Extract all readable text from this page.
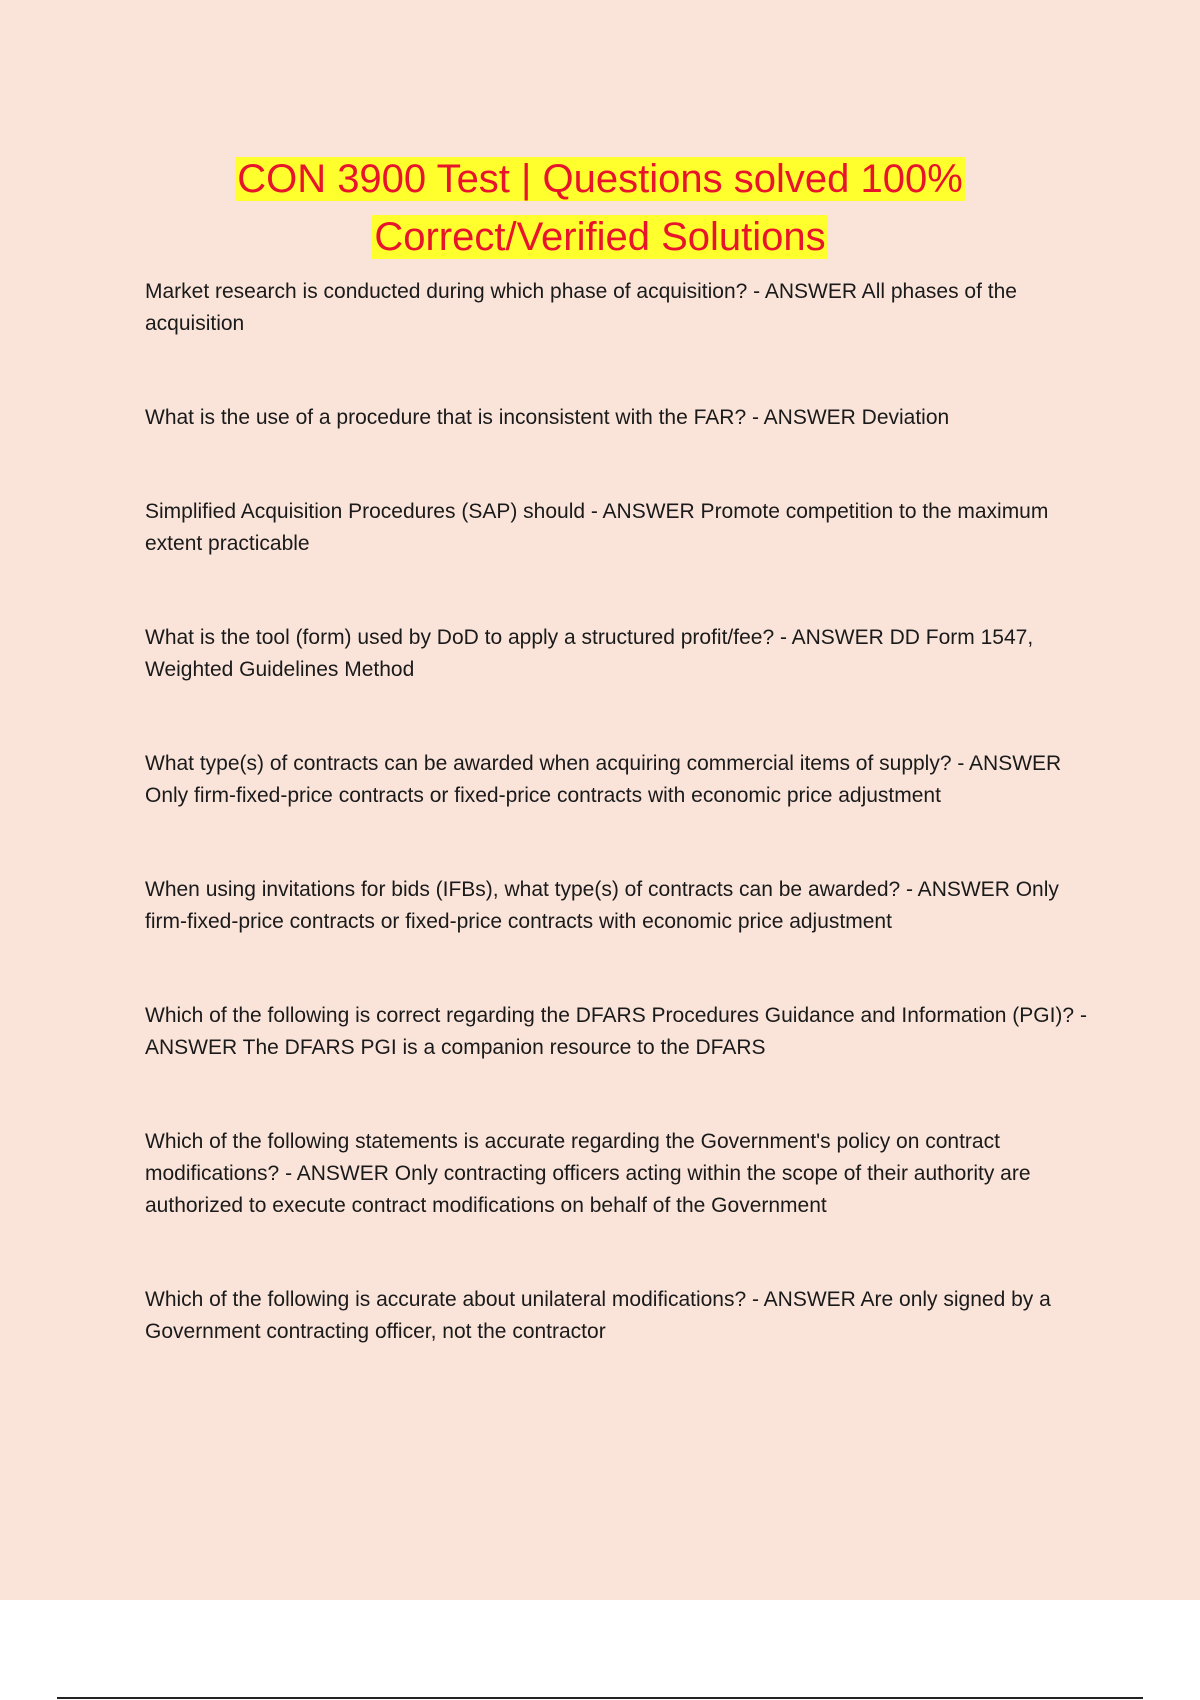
CON 3900 Test | Questions solved 100%
Correct/Verified Solutions
Market research is conducted during which phase of acquisition? - ANSWER All phases of the acquisition
What is the use of a procedure that is inconsistent with the FAR? - ANSWER Deviation
Simplified Acquisition Procedures (SAP) should - ANSWER Promote competition to the maximum extent practicable
What is the tool (form) used by DoD to apply a structured profit/fee? - ANSWER DD Form 1547, Weighted Guidelines Method
What type(s) of contracts can be awarded when acquiring commercial items of supply? - ANSWER Only firm-fixed-price contracts or fixed-price contracts with economic price adjustment
When using invitations for bids (IFBs), what type(s) of contracts can be awarded? - ANSWER Only firm-fixed-price contracts or fixed-price contracts with economic price adjustment
Which of the following is correct regarding the DFARS Procedures Guidance and Information (PGI)? - ANSWER The DFARS PGI is a companion resource to the DFARS
Which of the following statements is accurate regarding the Government's policy on contract modifications? - ANSWER Only contracting officers acting within the scope of their authority are authorized to execute contract modifications on behalf of the Government
Which of the following is accurate about unilateral modifications? - ANSWER Are only signed by a Government contracting officer, not the contractor
